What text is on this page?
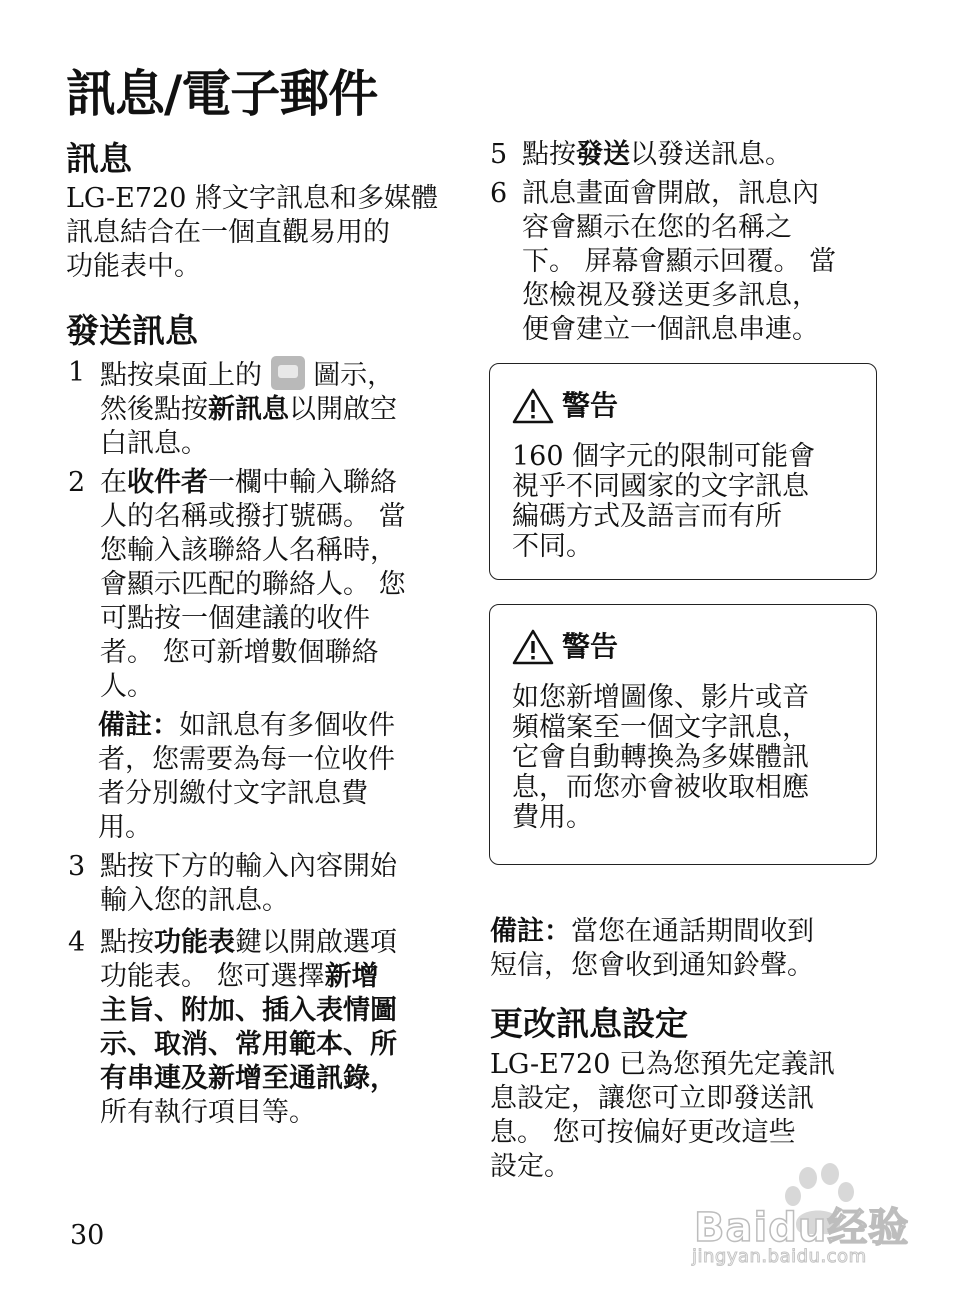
訊息/電子郵件
訊息
LG-E720 將文字訊息和多媒體
訊息結合在一個直觀易用的
功能表中。
發送訊息
1 點按桌面上的 圖示，
然後點按新訊息以開啟空
白訊息。
2 在收件者一欄中輸入聯絡
人的名稱或撥打號碼。 當
您輸入該聯絡人名稱時，
會顯示匹配的聯絡人。 您
可點按一個建議的收件
者。 您可新增數個聯絡
人。
備註：如訊息有多個收件
者，您需要為每一位收件
者分別繳付文字訊息費
用。
3 點按下方的輸入內容開始
輸入您的訊息。
4 點按功能表鍵以開啟選項
功能表。 您可選擇新增
主旨、附加、插入表情圖
示、取消、常用範本、所
有串連及新增至通訊錄，
所有執行項目等。
30
5 點按發送以發送訊息。
6 訊息畫面會開啟，訊息內
容會顯示在您的名稱之
下。 屏幕會顯示回覆。 當
您檢視及發送更多訊息，
便會建立一個訊息串連。
警告
160 個字元的限制可能會
視乎不同國家的文字訊息
編碼方式及語言而有所
不同。
警告
如您新增圖像、影片或音
頻檔案至一個文字訊息，
它會自動轉換為多媒體訊
息，而您亦會被收取相應
費用。
備註：當您在通話期間收到
短信，您會收到通知鈴聲。
更改訊息設定
LG-E720 已為您預先定義訊
息設定，讓您可立即發送訊
息。 您可按偏好更改這些
設定。
Baidu经验
jingyan.baidu.com
